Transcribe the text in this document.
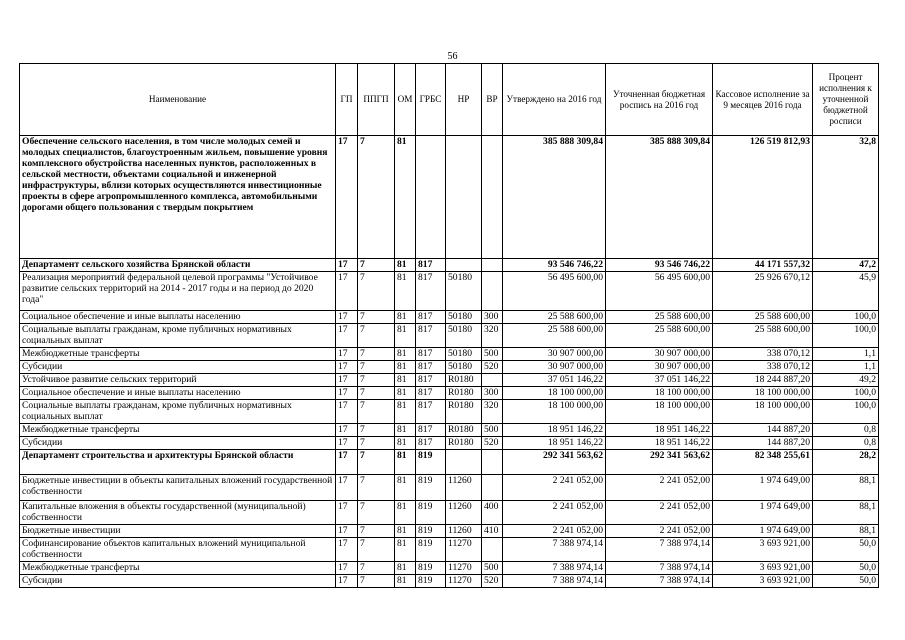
56
Наименование	ГП	ППГП	ОМ	ГРБС	НР	ВР	Утверждено на 2016 год	Уточненная бюджетная роспись на 2016 год	Кассовое исполнение за 9 месяцев 2016 года	Процент исполнения к уточненной бюджетной росписи
Обеспечение сельского населения, в том числе молодых семей и молодых специалистов, благоустроенным жильем, повышение уровня комплексного обустройства населенных пунктов, расположенных в сельской местности, объектами социальной и инженерной инфраструктуры, вблизи которых осуществляются инвестиционные проекты в сфере агропромышленного комплекса, автомобильными дорогами общего пользования с твердым покрытием	17	7	81				385 888 309,84	385 888 309,84	126 519 812,93	32,8
Департамент сельского хозяйства Брянской области	17	7	81	817			93 546 746,22	93 546 746,22	44 171 557,32	47,2
Реализация мероприятий федеральной целевой программы "Устойчивое развитие сельских территорий на 2014 - 2017 годы и на период до 2020 года"	17	7	81	817	50180		56 495 600,00	56 495 600,00	25 926 670,12	45,9
Социальное обеспечение и иные выплаты населению	17	7	81	817	50180	300	25 588 600,00	25 588 600,00	25 588 600,00	100,0
Социальные выплаты гражданам, кроме публичных нормативных социальных выплат	17	7	81	817	50180	320	25 588 600,00	25 588 600,00	25 588 600,00	100,0
Межбюджетные трансферты	17	7	81	817	50180	500	30 907 000,00	30 907 000,00	338 070,12	1,1
Субсидии	17	7	81	817	50180	520	30 907 000,00	30 907 000,00	338 070,12	1,1
Устойчивое развитие сельских территорий	17	7	81	817	R0180		37 051 146,22	37 051 146,22	18 244 887,20	49,2
Социальное обеспечение и иные выплаты населению	17	7	81	817	R0180	300	18 100 000,00	18 100 000,00	18 100 000,00	100,0
Социальные выплаты гражданам, кроме публичных нормативных социальных выплат	17	7	81	817	R0180	320	18 100 000,00	18 100 000,00	18 100 000,00	100,0
Межбюджетные трансферты	17	7	81	817	R0180	500	18 951 146,22	18 951 146,22	144 887,20	0,8
Субсидии	17	7	81	817	R0180	520	18 951 146,22	18 951 146,22	144 887,20	0,8
Департамент строительства и архитектуры Брянской области	17	7	81	819			292 341 563,62	292 341 563,62	82 348 255,61	28,2
Бюджетные инвестиции в объекты капитальных вложений государственной собственности	17	7	81	819	11260		2 241 052,00	2 241 052,00	1 974 649,00	88,1
Капитальные вложения в объекты государственной (муниципальной) собственности	17	7	81	819	11260	400	2 241 052,00	2 241 052,00	1 974 649,00	88,1
Бюджетные инвестиции	17	7	81	819	11260	410	2 241 052,00	2 241 052,00	1 974 649,00	88,1
Софинансирование объектов капитальных вложений муниципальной собственности	17	7	81	819	11270		7 388 974,14	7 388 974,14	3 693 921,00	50,0
Межбюджетные трансферты	17	7	81	819	11270	500	7 388 974,14	7 388 974,14	3 693 921,00	50,0
Субсидии	17	7	81	819	11270	520	7 388 974,14	7 388 974,14	3 693 921,00	50,0
